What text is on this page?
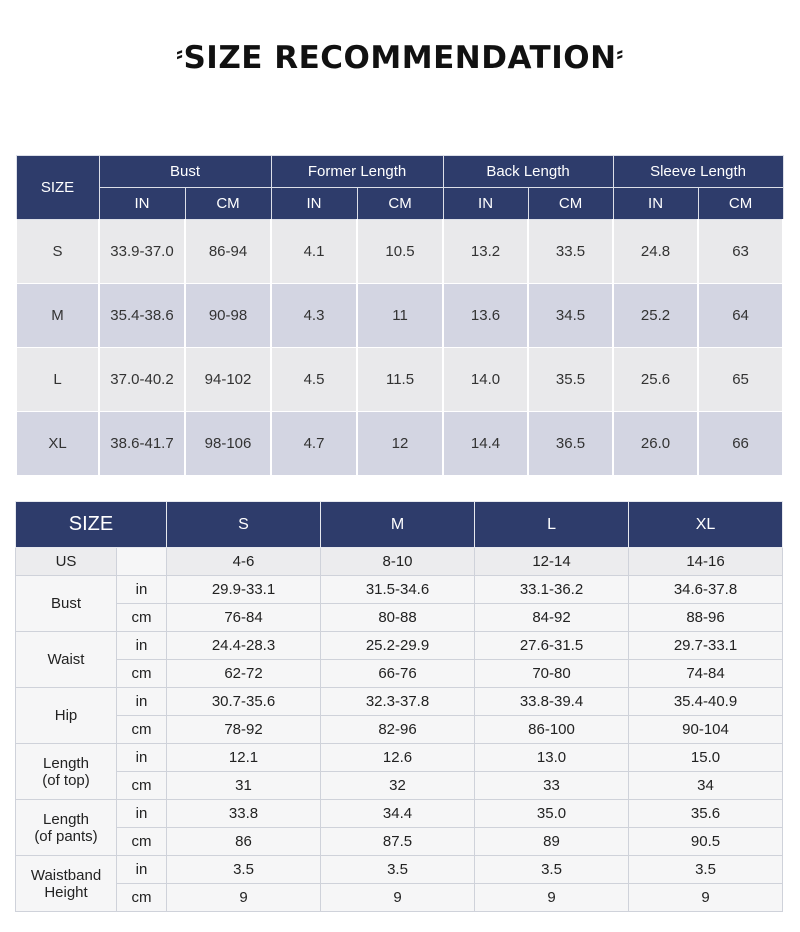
⸗SIZE RECOMMENDATION⸗
SIZE	Bust		Former Length		Back Length		Sleeve Length	
	IN	CM	IN	CM	IN	CM	IN	CM
S	33.9-37.0	86-94	4.1	10.5	13.2	33.5	24.8	63
M	35.4-38.6	90-98	4.3	11	13.6	34.5	25.2	64
L	37.0-40.2	94-102	4.5	11.5	14.0	35.5	25.6	65
XL	38.6-41.7	98-106	4.7	12	14.4	36.5	26.0	66
SIZE		S	M	L	XL
US		4-6	8-10	12-14	14-16
Bust	in	29.9-33.1	31.5-34.6	33.1-36.2	34.6-37.8
	cm	76-84	80-88	84-92	88-96
Waist	in	24.4-28.3	25.2-29.9	27.6-31.5	29.7-33.1
	cm	62-72	66-76	70-80	74-84
Hip	in	30.7-35.6	32.3-37.8	33.8-39.4	35.4-40.9
	cm	78-92	82-96	86-100	90-104
Length
(of top)	in	12.1	12.6	13.0	15.0
	cm	31	32	33	34
Length
(of pants)	in	33.8	34.4	35.0	35.6
	cm	86	87.5	89	90.5
Waistband
Height	in	3.5	3.5	3.5	3.5
	cm	9	9	9	9
